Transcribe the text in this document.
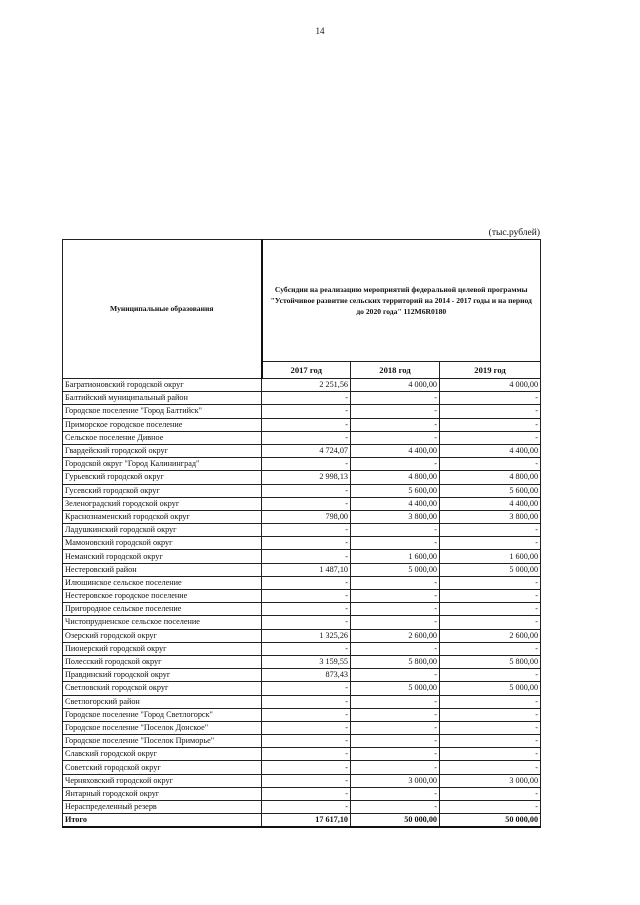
14
(тыс.рублей)
Муниципальные образования	Субсидии на реализацию мероприятий федеральной целевой программы "Устойчивое развитие сельских территорий на 2014 - 2017 годы и на период до 2020 года" 112M6R0180		
	2017 год	2018 год	2019 год
Багратионовский городской округ	2 251,56	4 000,00	4 000,00
Балтийский муниципальный район	-	-	-
Городское поселение "Город Балтийск"	-	-	-
Приморское городское поселение	-	-	-
Сельское поселение Дивное	-	-	-
Гвардейский городской округ	4 724,07	4 400,00	4 400,00
Городской округ "Город Калининград"	-	-	-
Гурьевский городской округ	2 998,13	4 800,00	4 800,00
Гусевский городской округ	-	5 600,00	5 600,00
Зеленоградский городской округ	-	4 400,00	4 400,00
Краснознаменский городской округ	798,00	3 800,00	3 800,00
Ладушкинский городской округ	-	-	-
Мамоновский городской округ	-	-	-
Неманский городской округ	-	1 600,00	1 600,00
Нестеровский район	1 487,10	5 000,00	5 000,00
Илюшинское сельское поселение	-	-	-
Нестеровское городское поселение	-	-	-
Пригородное сельское поселение	-	-	-
Чистопрудненское сельское поселение	-	-	-
Озерский городской округ	1 325,26	2 600,00	2 600,00
Пионерский городской округ	-	-	-
Полесский городской округ	3 159,55	5 800,00	5 800,00
Правдинский городской округ	873,43	-	-
Светловский городской округ	-	5 000,00	5 000,00
Светлогорский район	-	-	-
Городское поселение "Город Светлогорск"	-	-	-
Городское поселение "Поселок Донское"	-	-	-
Городское поселение "Поселок Приморье"	-	-	-
Славский городской округ	-	-	-
Советский городской округ	-	-	-
Черняховский городской округ	-	3 000,00	3 000,00
Янтарный городской округ	-	-	-
Нераспределенный резерв	-	-	-
Итого	17 617,10	50 000,00	50 000,00
